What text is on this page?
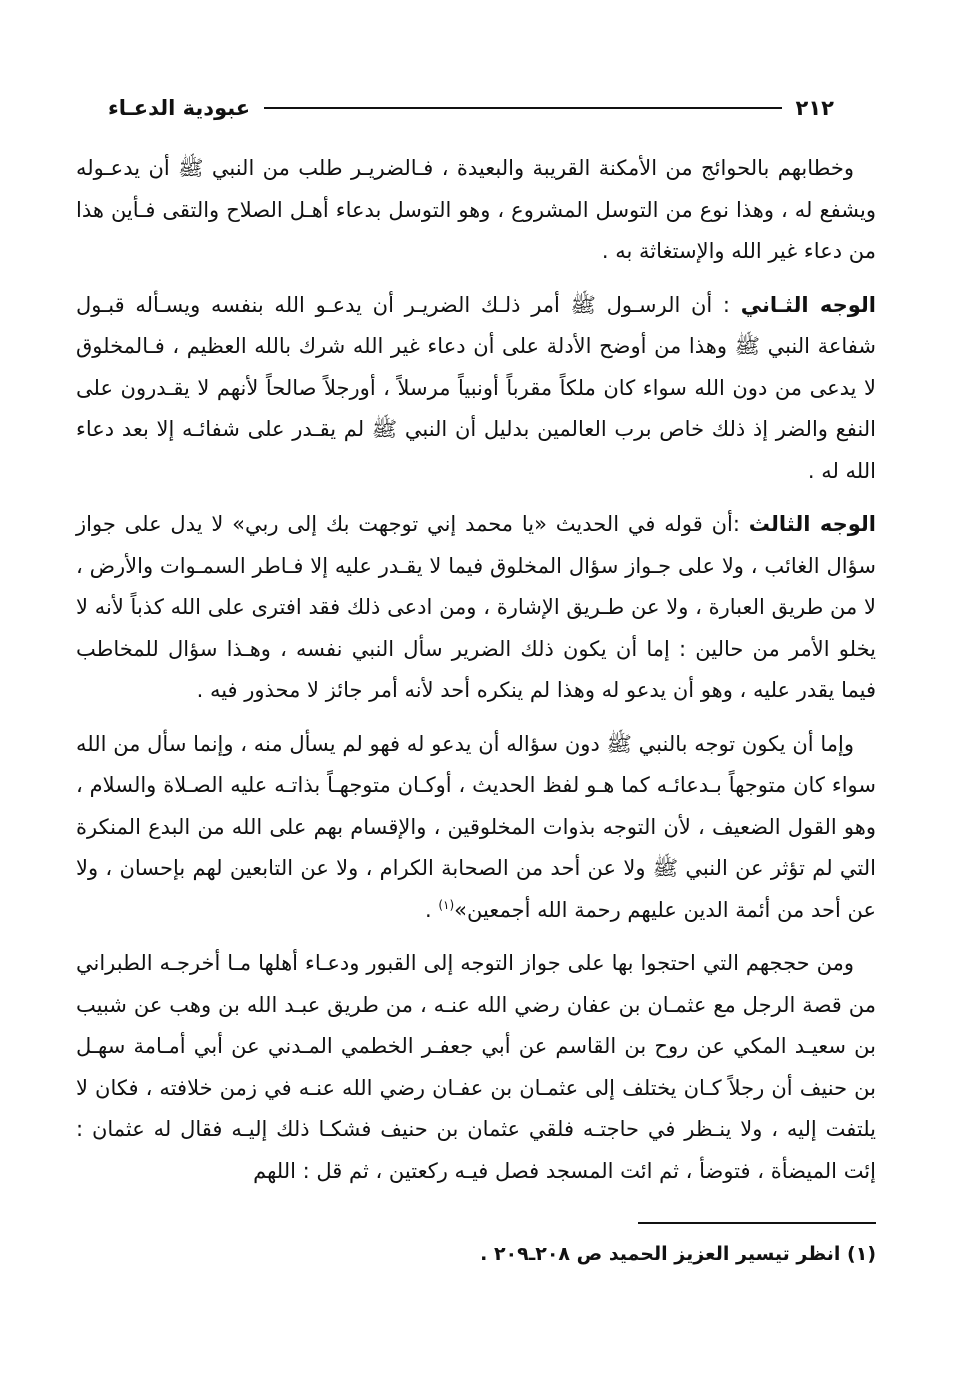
٢١٢
عبودية الدعـاء

وخطابهم بالحوائج من الأمكنة القريبة والبعيدة ، فـالضريـر طلب من النبي ﷺ أن يدعـوله ويشفع له ، وهذا نوع من التوسل المشروع ، وهو التوسل بدعاء أهـل الصلاح والتقى فـأين هذا من دعاء غير الله والإستغاثة به .

الوجه الثـاني : أن الرسـول ﷺ أمر ذلـك الضريـر أن يدعـو الله بنفسه ويسـأله قبـول شفاعة النبي ﷺ وهذا من أوضح الأدلة على أن دعاء غير الله شرك بالله العظيم ، فـالمخلوق لا يدعى من دون الله سواء كان ملكاً مقرباً أونبياً مرسلاً ، أورجلاً صالحاً لأنهم لا يقـدرون على النفع والضر إذ ذلك خاص برب العالمين بدليل أن النبي ﷺ لم يقـدر على شفائـه إلا بعد دعاء الله له .

الوجه الثالث :أن قوله في الحديث «يا محمد إني توجهت بك إلى ربي» لا يدل على جواز سؤال الغائب ، ولا على جـواز سؤال المخلوق فيما لا يقـدر عليه إلا فـاطر السمـوات والأرض ، لا من طريق العبارة ، ولا عن طـريق الإشارة ، ومن ادعى ذلك فقد افترى على الله كذباً لأنه لا يخلو الأمر من حالين : إما أن يكون ذلك الضرير سأل النبي نفسه ، وهـذا سؤال للمخاطب فيما يقدر عليه ، وهو أن يدعو له وهذا لم ينكره أحد لأنه أمر جائز لا محذور فيه .

وإما أن يكون توجه بالنبي ﷺ دون سؤاله أن يدعو له فهو لم يسأل منه ، وإنما سأل من الله سواء كان متوجهاً بـدعائـه كما هـو لفظ الحديث ، أوكـان متوجهـاً بذاتـه عليه الصـلاة والسلام ، وهو القول الضعيف ، لأن التوجه بذوات المخلوقين ، والإقسام بهم على الله من البدع المنكرة التي لم تؤثر عن النبي ﷺ ولا عن أحد من الصحابة الكرام ، ولا عن التابعين لهم بإحسان ، ولا عن أحد من أئمة الدين عليهم رحمة الله أجمعين»$^{(١)}$ .

ومن حججهم التي احتجوا بها على جواز التوجه إلى القبور ودعـاء أهلها مـا أخرجـه الطبراني من قصة الرجل مع عثمـان بن عفان رضي الله عنـه ، من طريق عبـد الله بن وهب عن شبيب بن سعيـد المكي عن روح بن القاسم عن أبي جعفـر الخطمي المـدني عن أبي أمـامة سهـل بن حنيف أن رجلاً كـان يختلف إلى عثمـان بن عفـان رضي الله عنـه في زمن خلافته ، فكان لا يلتفت إليه ، ولا ينـظر في حاجتـه فلقي عثمان بن حنيف فشكـا ذلك إليـه فقال له عثمان : إئت الميضأة ، فتوضأ ، ثم ائت المسجد فصل فيـه ركعتين ، ثم قل : اللهم

(١) انظر تيسير العزيز الحميد ص ٢٠٨ـ٢٠٩ .
